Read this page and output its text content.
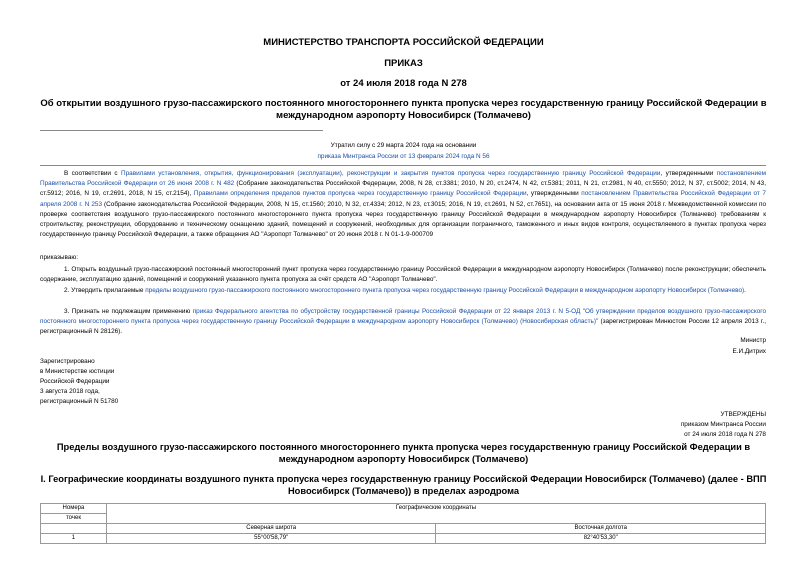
МИНИСТЕРСТВО ТРАНСПОРТА РОССИЙСКОЙ ФЕДЕРАЦИИ
ПРИКАЗ
от 24 июля 2018 года N 278
Об открытии воздушного грузо-пассажирского постоянного многостороннего пункта пропуска через государственную границу Российской Федерации в
международном аэропорту Новосибирск (Толмачево)
Утратил силу с 29 марта 2024 года на основании
приказа Минтранса России от 13 февраля 2024 года N 56
В соответствии с Правилами установления, открытия, функционирования (эксплуатации), реконструкции и закрытия пунктов пропуска через государственную границу Российской Федерации, утвержденными постановлением Правительства Российской Федерации от 26 июня 2008 г. N 482 (Собрание законодательства Российской Федерации, 2008, N 28, ст.3381; 2010, N 20, ст.2474, N 42, ст.5381; 2011, N 21, ст.2981, N 40, ст.5550; 2012, N 37, ст.5002; 2014, N 43, ст.5912; 2016, N 19, ст.2691, 2018, N 15, ст.2154), Правилами определения пределов пунктов пропуска через государственную границу Российской Федерации, утвержденными постановлением Правительства Российской Федерации от 7 апреля 2008 г. N 253 (Собрание законодательства Российской Федерации, 2008, N 15, ст.1560; 2010, N 32, ст.4334; 2012, N 23, ст.3015; 2016, N 19, ст.2691, N 52, ст.7651), на основании акта от 15 июня 2018 г. Межведомственной комиссии по проверке соответствия воздушного грузо-пассажирского постоянного многостороннего пункта пропуска через государственную границу Российской Федерации в международном аэропорту Новосибирск (Толмачево) требованиям к строительству, реконструкции, оборудованию и техническому оснащению зданий, помещений и сооружений, необходимых для организации пограничного, таможенного и иных видов контроля, осуществляемого в пунктах пропуска через государственную границу Российской Федерации, а также обращения АО "Аэропорт Толмачево" от 20 июня 2018 г. N 01-1-9-000709
приказываю:
1. Открыть воздушный грузо-пассажирский постоянный многосторонний пункт пропуска через государственную границу Российской Федерации в международном аэропорту Новосибирск (Толмачево) после реконструкции; обеспечить содержание, эксплуатацию зданий, помещений и сооружений указанного пункта пропуска за счёт средств АО "Аэропорт Толмачево".
2. Утвердить прилагаемые пределы воздушного грузо-пассажирского постоянного многостороннего пункта пропуска через государственную границу Российской Федерации в международном аэропорту Новосибирск (Толмачево).
3. Признать не подлежащим применению приказ Федерального агентства по обустройству государственной границы Российской Федерации от 22 января 2013 г. N 5-ОД "Об утверждении пределов воздушного грузо-пассажирского постоянного многостороннего пункта пропуска через государственную границу Российской Федерации в международном аэропорту Новосибирск (Толмачево) (Новосибирская область)" (зарегистрирован Минюстом России 12 апреля 2013 г., регистрационный N 28126).
Министр
Е.И.Дитрих
Зарегистрировано
в Министерстве юстиции
Российской Федерации
3 августа 2018 года,
регистрационный N 51780
УТВЕРЖДЕНЫ
приказом Минтранса России
от 24 июля 2018 года N 278
Пределы воздушного грузо-пассажирского постоянного многостороннего пункта пропуска через государственную границу Российской Федерации в
международном аэропорту Новосибирск (Толмачево)
I. Географические координаты воздушного пункта пропуска через государственную границу Российской Федерации Новосибирск (Толмачево) (далее - ВПП
Новосибирск (Толмачево)) в пределах аэродрома
Номера	Географические координаты	
точек		
	Северная широта	Восточная долгота
1	55°00'58,79"	82°40'53,30"
